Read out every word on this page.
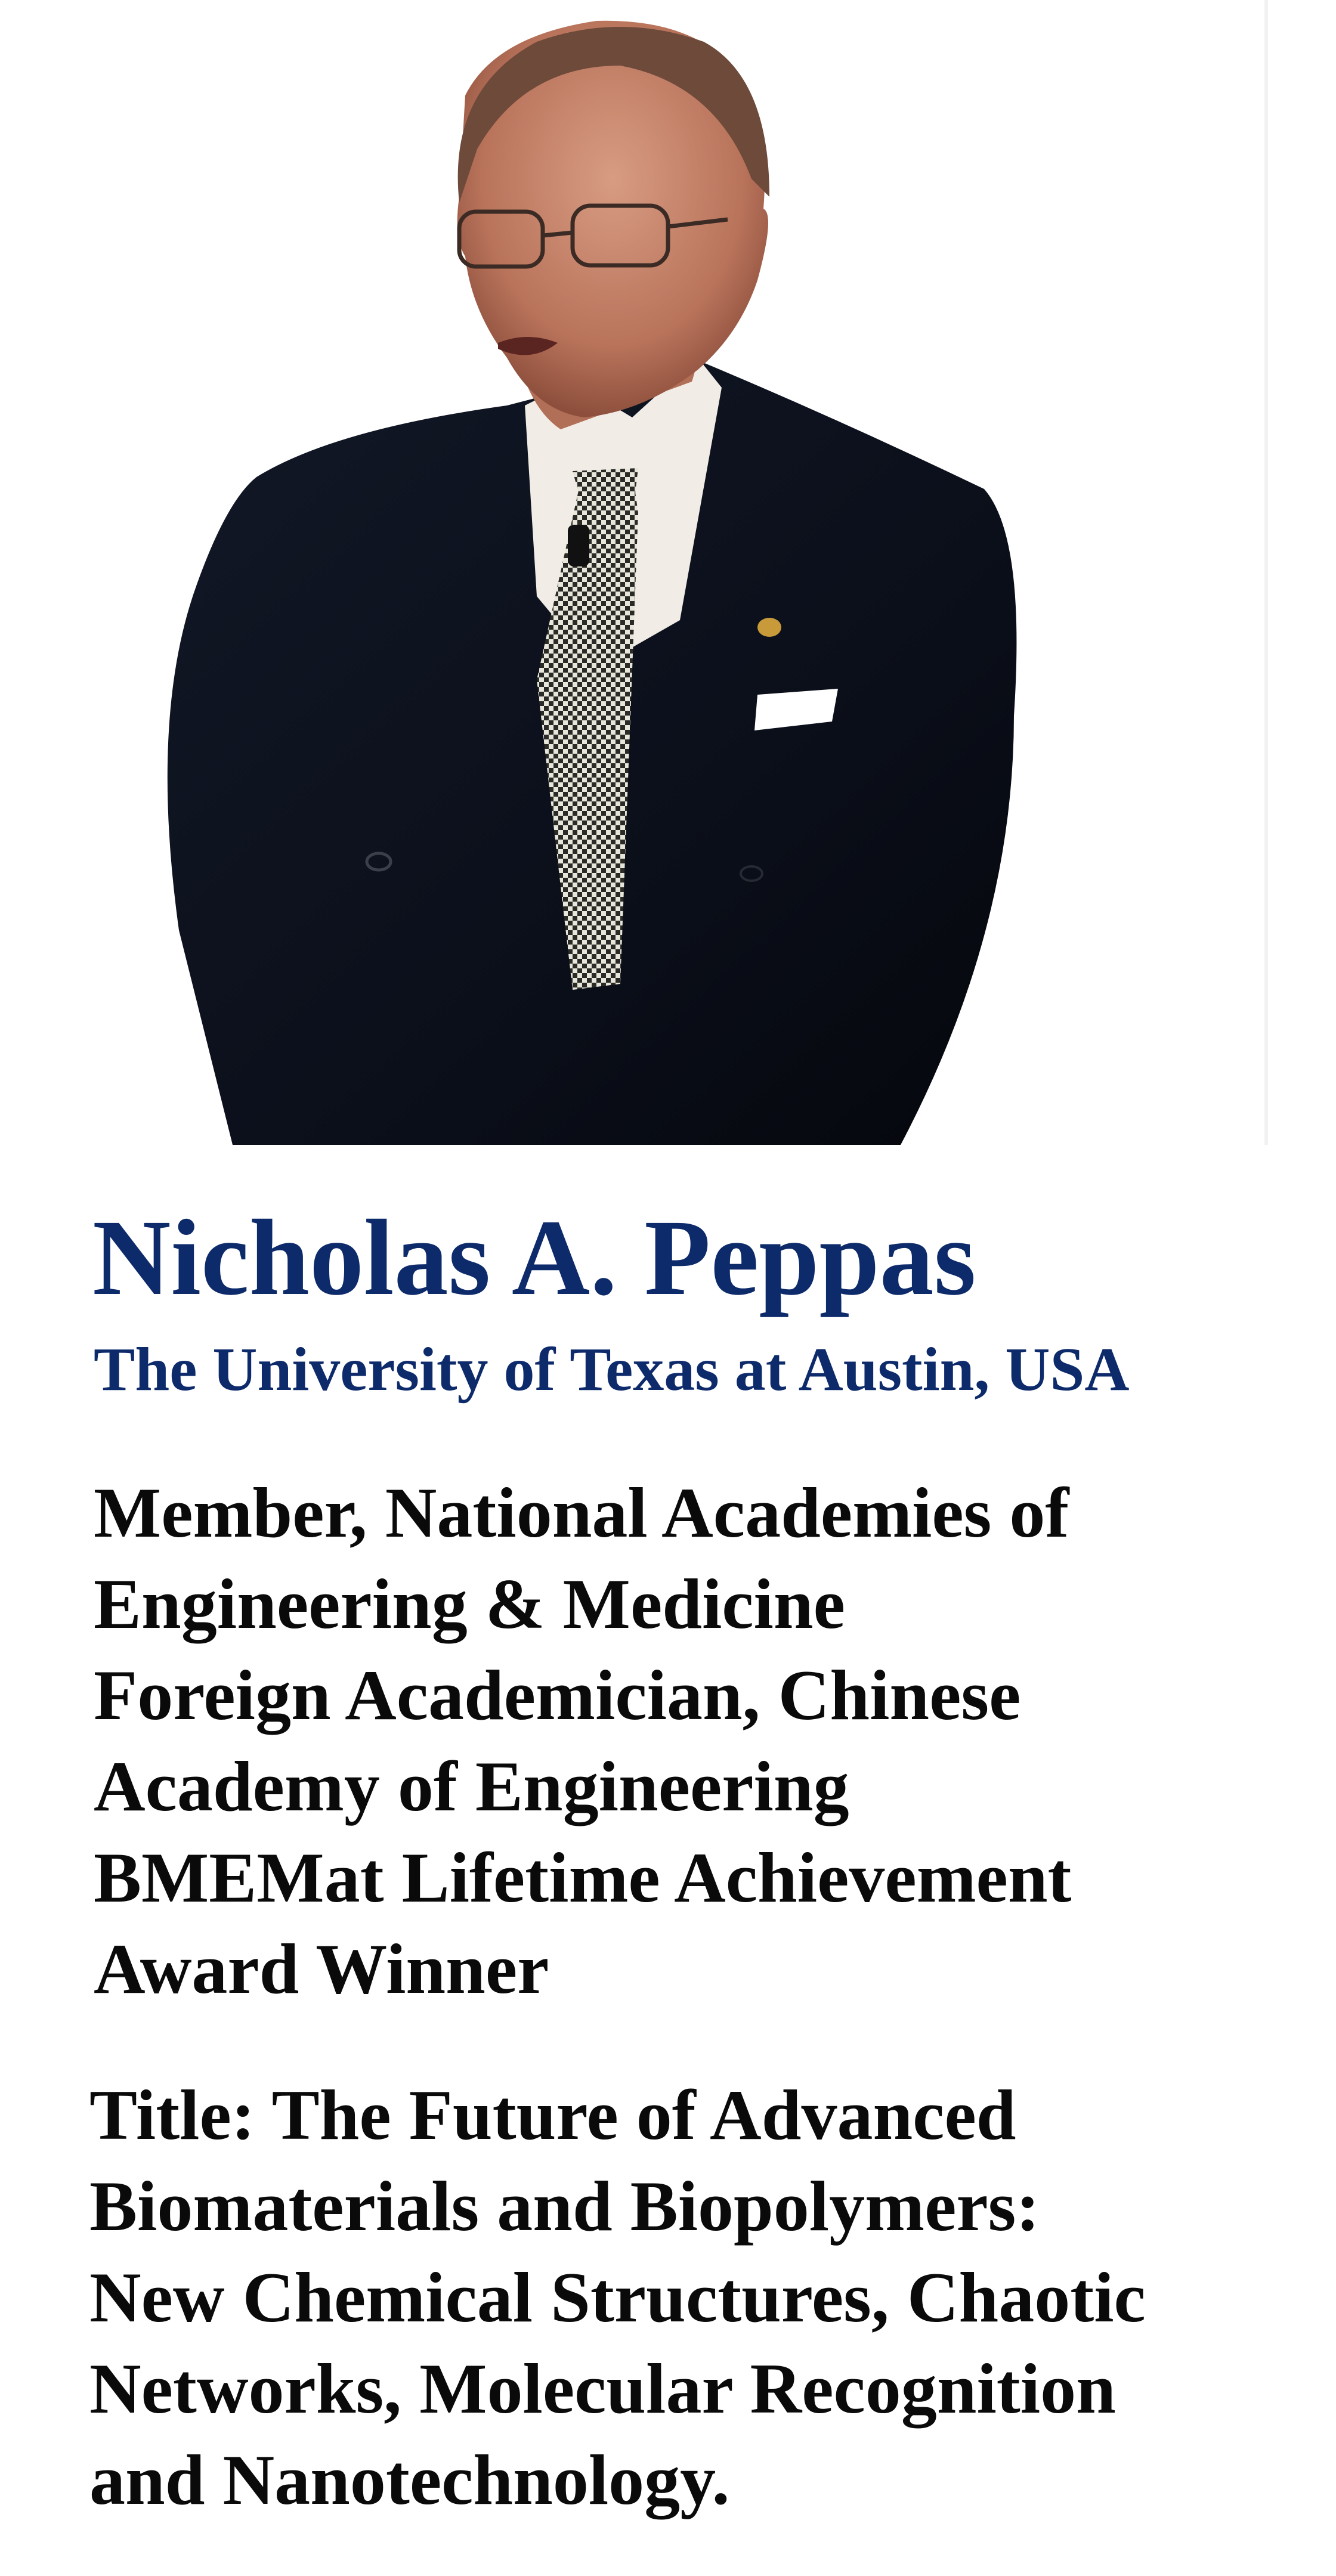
Nicholas A. Peppas

The University of Texas at Austin, USA

Member, National Academies of
Engineering & Medicine
Foreign Academician, Chinese
Academy of Engineering
BMEMat Lifetime Achievement
Award Winner
Title: The Future of Advanced
Biomaterials and Biopolymers:
New Chemical Structures, Chaotic
Networks, Molecular Recognition
and Nanotechnology.
